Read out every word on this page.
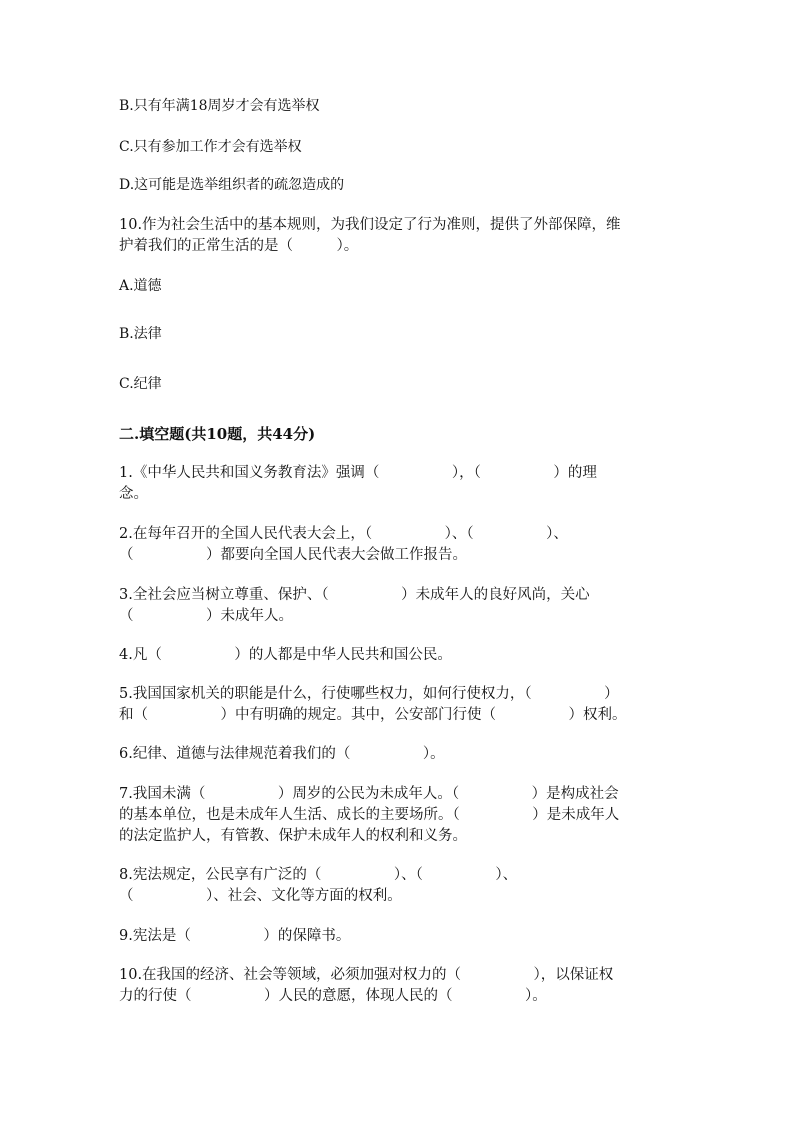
B.只有年满18周岁才会有选举权
C.只有参加工作才会有选举权
D.这可能是选举组织者的疏忽造成的
10.作为社会生活中的基本规则，为我们设定了行为准则，提供了外部保障，维
护着我们的正常生活的是（　　　）。
A.道德
B.法律
C.纪律
二.填空题(共10题，共44分)
1.《中华人民共和国义务教育法》强调（　　　　　），（　　　　　）的理
念。
2.在每年召开的全国人民代表大会上，（　　　　　）、（　　　　　）、
（　　　　　）都要向全国人民代表大会做工作报告。
3.全社会应当树立尊重、保护、（　　　　　）未成年人的良好风尚，关心
（　　　　　）未成年人。
4.凡（　　　　　）的人都是中华人民共和国公民。
5.我国国家机关的职能是什么，行使哪些权力，如何行使权力，（　　　　　）
和（　　　　　）中有明确的规定。其中，公安部门行使（　　　　　）权利。
6.纪律、道德与法律规范着我们的（　　　　　）。
7.我国未满（　　　　　）周岁的公民为未成年人。（　　　　　）是构成社会
的基本单位，也是未成年人生活、成长的主要场所。（　　　　　）是未成年人
的法定监护人，有管教、保护未成年人的权利和义务。
8.宪法规定，公民享有广泛的（　　　　　）、（　　　　　）、
（　　　　　）、社会、文化等方面的权利。
9.宪法是（　　　　　）的保障书。
10.在我国的经济、社会等领域，必须加强对权力的（　　　　　），以保证权
力的行使（　　　　　）人民的意愿，体现人民的（　　　　　）。
